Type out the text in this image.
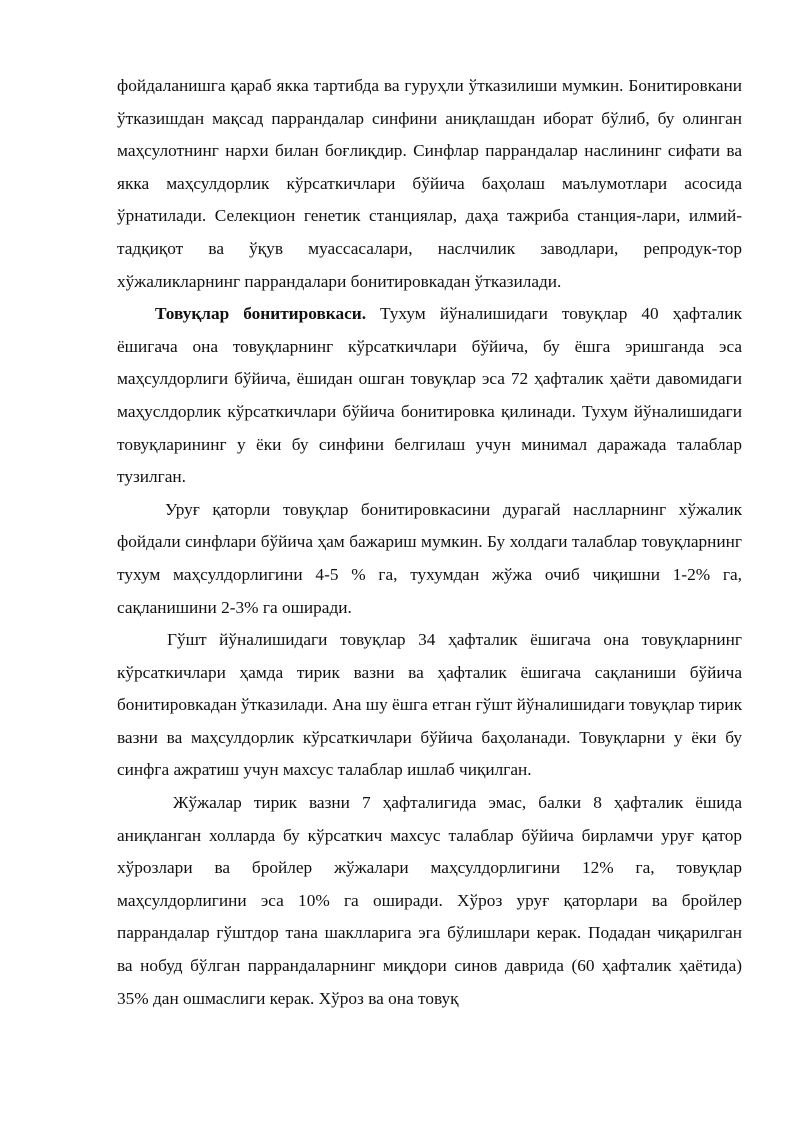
фойдаланишга қараб якка тартибда ва гуруҳли ўтказилиши мумкин. Бонитировкани ўтказишдан мақсад паррандалар синфини аниқлашдан иборат бўлиб, бу олинган маҳсулотнинг нархи билан боғлиқдир. Синфлар паррандалар наслининг сифати ва якка маҳсулдорлик кўрсаткичлари бўйича баҳолаш маълумотлари асосида ўрнатилади. Селекцион генетик станциялар, даҳа тажриба станция-лари, илмий-тадқиқот ва ўқув муассасалари, наслчилик заводлари, репродук-тор хўжаликларнинг паррандалари бонитировкадан ўтказилади.

Товуқлар бонитировкаси. Тухум йўналишидаги товуқлар 40 ҳафталик ёшигача она товуқларнинг кўрсаткичлари бўйича, бу ёшга эришганда эса маҳсулдорлиги бўйича, ёшидан ошган товуқлар эса 72 ҳафталик ҳаёти давомидаги маҳуслдорлик кўрсаткичлари бўйича бонитировка қилинади. Тухум йўналишидаги товуқларининг у ёки бу синфини белгилаш учун минимал даражада талаблар тузилган.

Уруғ қаторли товуқлар бонитировкасини дурагай наслларнинг хўжалик фойдали синфлари бўйича ҳам бажариш мумкин. Бу холдаги талаблар товуқларнинг тухум маҳсулдорлигини 4-5 % га, тухумдан жўжа очиб чиқишни 1-2% га, сақланишини 2-3% га оширади.

Гўшт йўналишидаги товуқлар 34 ҳафталик ёшигача она товуқларнинг кўрсаткичлари ҳамда тирик вазни ва ҳафталик ёшигача сақланиши бўйича бонитировкадан ўтказилади. Ана шу ёшга етган гўшт йўналишидаги товуқлар тирик вазни ва маҳсулдорлик кўрсаткичлари бўйича баҳоланади. Товуқларни у ёки бу синфга ажратиш учун махсус талаблар ишлаб чиқилган.

Жўжалар тирик вазни 7 ҳафталигида эмас, балки 8 ҳафталик ёшида аниқланган холларда бу кўрсаткич махсус талаблар бўйича бирламчи уруғ қатор хўрозлари ва бройлер жўжалари маҳсулдорлигини 12% га, товуқлар маҳсулдорлигини эса 10% га оширади. Хўроз уруғ қаторлари ва бройлер паррандалар гўштдор тана шаклларига эга бўлишлари керак. Подадан чиқарилган ва нобуд бўлган паррандаларнинг миқдори синов даврида (60 ҳафталик ҳаётида) 35% дан ошмаслиги керак. Хўроз ва она товуқ
